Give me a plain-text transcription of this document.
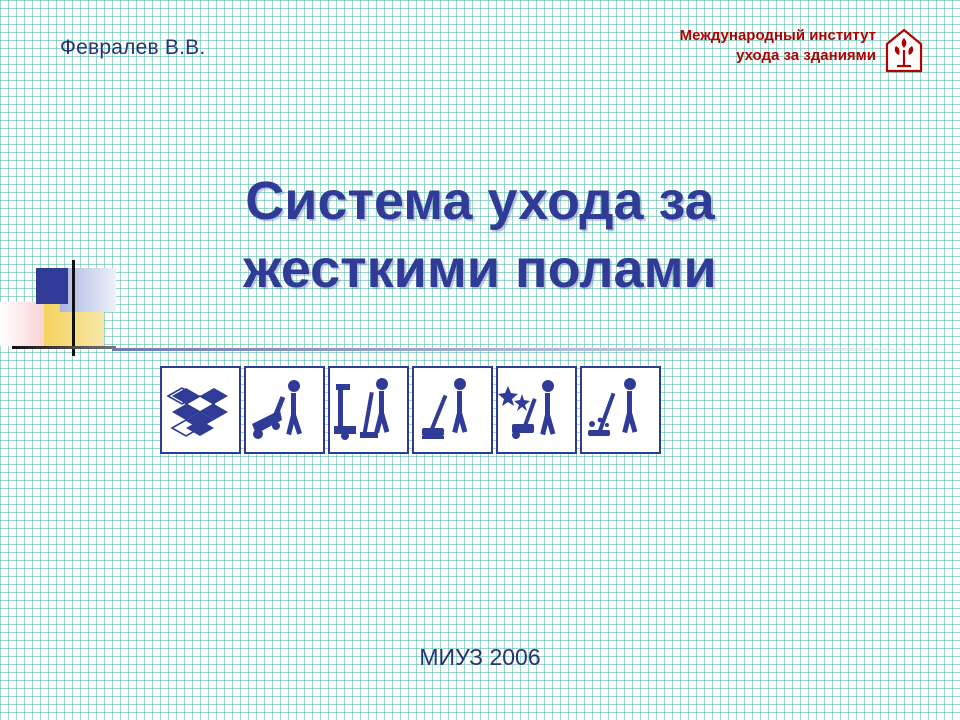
Февралев В.В.
Международный институт
ухода за зданиями
Система ухода за
жесткими полами
МИУЗ 2006
